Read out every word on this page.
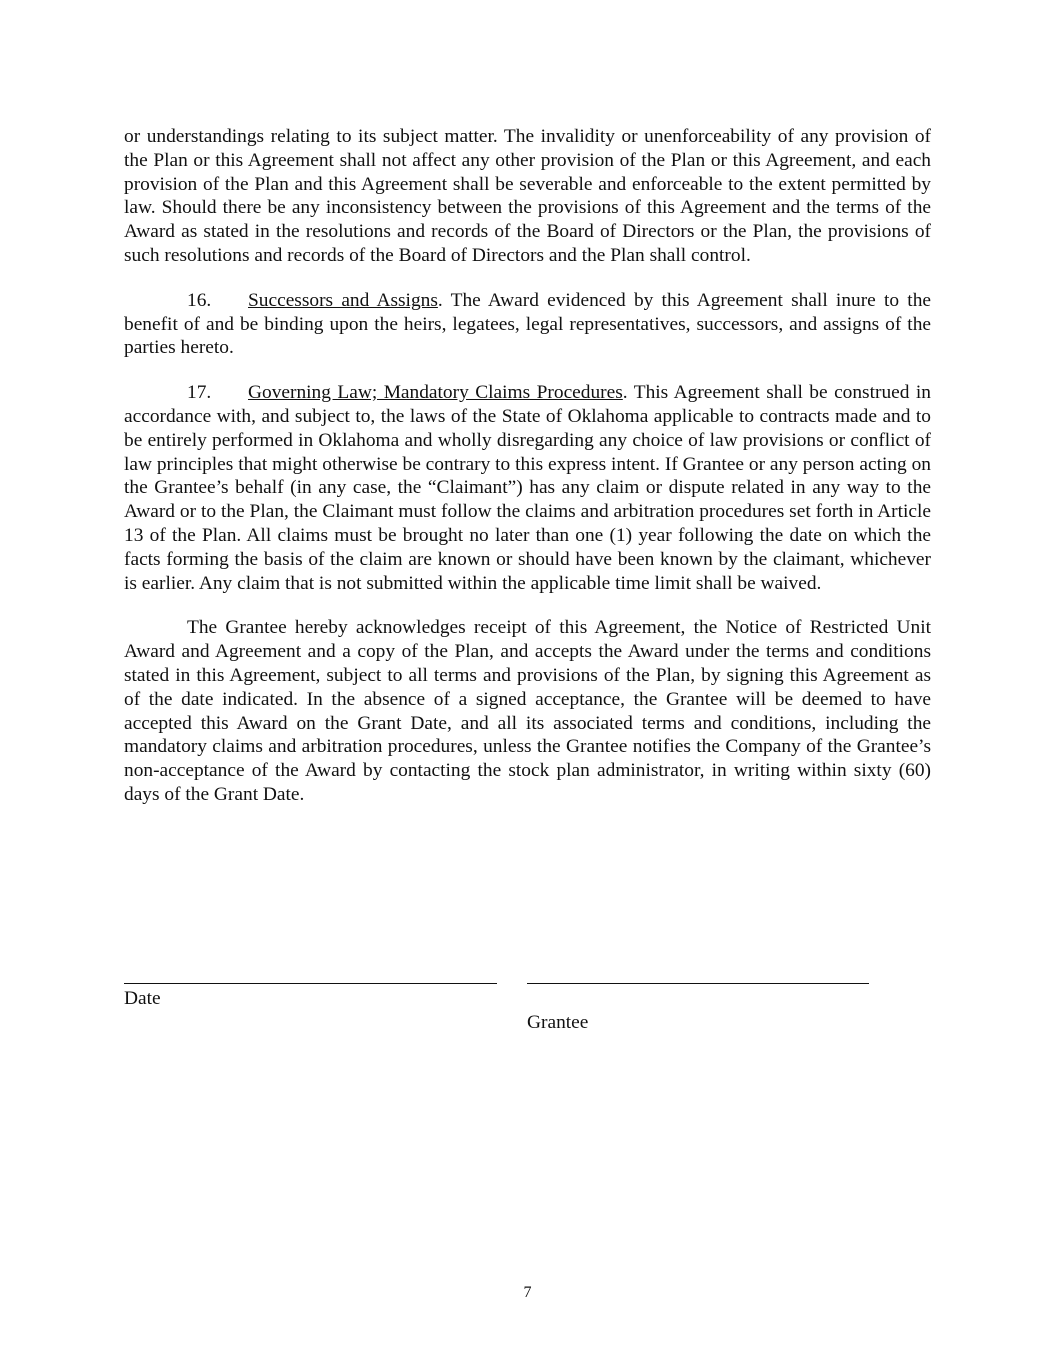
or understandings relating to its subject matter. The invalidity or unenforceability of any provision of the Plan or this Agreement shall not affect any other provision of the Plan or this Agreement, and each provision of the Plan and this Agreement shall be severable and enforceable to the extent permitted by law. Should there be any inconsistency between the provisions of this Agreement and the terms of the Award as stated in the resolutions and records of the Board of Directors or the Plan, the provisions of such resolutions and records of the Board of Directors and the Plan shall control.

16. Successors and Assigns. The Award evidenced by this Agreement shall inure to the benefit of and be binding upon the heirs, legatees, legal representatives, successors, and assigns of the parties hereto.

17. Governing Law; Mandatory Claims Procedures. This Agreement shall be construed in accordance with, and subject to, the laws of the State of Oklahoma applicable to contracts made and to be entirely performed in Oklahoma and wholly disregarding any choice of law provisions or conflict of law principles that might otherwise be contrary to this express intent. If Grantee or any person acting on the Grantee’s behalf (in any case, the “Claimant”) has any claim or dispute related in any way to the Award or to the Plan, the Claimant must follow the claims and arbitration procedures set forth in Article 13 of the Plan. All claims must be brought no later than one (1) year following the date on which the facts forming the basis of the claim are known or should have been known by the claimant, whichever is earlier. Any claim that is not submitted within the applicable time limit shall be waived.

The Grantee hereby acknowledges receipt of this Agreement, the Notice of Restricted Unit Award and Agreement and a copy of the Plan, and accepts the Award under the terms and conditions stated in this Agreement, subject to all terms and provisions of the Plan, by signing this Agreement as of the date indicated. In the absence of a signed acceptance, the Grantee will be deemed to have accepted this Award on the Grant Date, and all its associated terms and conditions, including the mandatory claims and arbitration procedures, unless the Grantee notifies the Company of the Grantee’s non-acceptance of the Award by contacting the stock plan administrator, in writing within sixty (60) days of the Grant Date.

Date
Grantee
7
